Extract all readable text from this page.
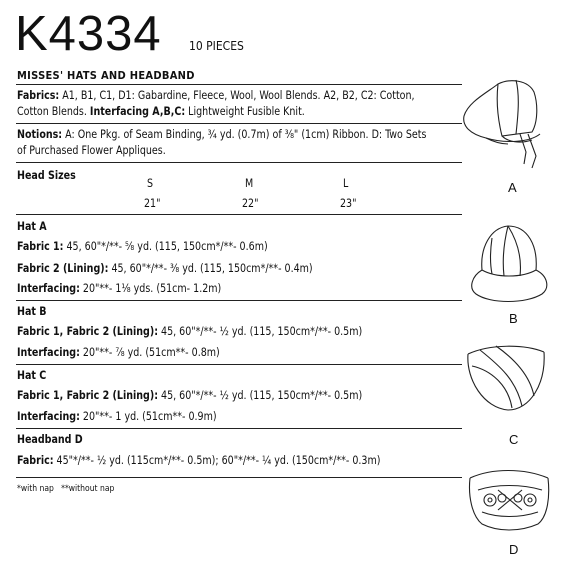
K4334 10 PIECES
MISSES' HATS AND HEADBAND
Fabrics: A1, B1, C1, D1: Gabardine, Fleece, Wool, Wool Blends. A2, B2, C2: Cotton,
Cotton Blends. Interfacing A,B,C: Lightweight Fusible Knit.
Notions: A: One Pkg. of Seam Binding, ¾ yd. (0.7m) of ⅜" (1cm) Ribbon. D: Two Sets
of Purchased Flower Appliques.
Head Sizes
S	M	L
21"	22"	23"
Hat A
Fabric 1: 45, 60"*/**- ⅝ yd. (115, 150cm*/**- 0.6m)
Fabric 2 (Lining): 45, 60"*/**- ⅜ yd. (115, 150cm*/**- 0.4m)
Interfacing: 20"**- 1⅛ yds. (51cm- 1.2m)
Hat B
Fabric 1, Fabric 2 (Lining): 45, 60"*/**- ½ yd. (115, 150cm*/**- 0.5m)
Interfacing: 20"**- ⅞ yd. (51cm**- 0.8m)
Hat C
Fabric 1, Fabric 2 (Lining): 45, 60"*/**- ½ yd. (115, 150cm*/**- 0.5m)
Interfacing: 20"**- 1 yd. (51cm**- 0.9m)
Headband D
Fabric: 45"*/**- ½ yd. (115cm*/**- 0.5m); 60"*/**- ¼ yd. (150cm*/**- 0.3m)
*with nap   **without nap
A
B
C
D
